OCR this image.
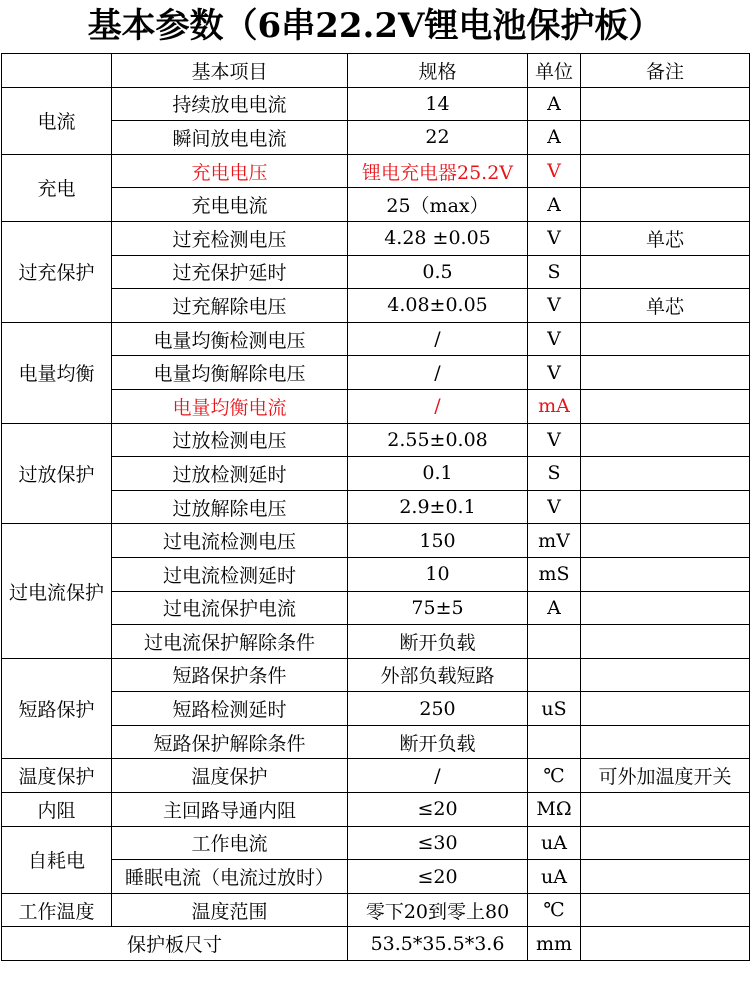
基本参数（6串22.2V锂电池保护板）
	基本项目	规格	单位	备注
电流	持续放电电流	14	A	
	瞬间放电电流	22	A	
充电	充电电压	锂电充电器25.2V	V	
	充电电流	25（max）	A	
过充保护	过充检测电压	4.28 ±0.05	V	单芯
	过充保护延时	0.5	S	
	过充解除电压	4.08±0.05	V	单芯
电量均衡	电量均衡检测电压	/	V	
	电量均衡解除电压	/	V	
	电量均衡电流	/	mA	
过放保护	过放检测电压	2.55±0.08	V	
	过放检测延时	0.1	S	
	过放解除电压	2.9±0.1	V	
过电流保护	过电流检测电压	150	mV	
	过电流检测延时	10	mS	
	过电流保护电流	75±5	A	
	过电流保护解除条件	断开负载		
短路保护	短路保护条件	外部负载短路		
	短路检测延时	250	uS	
	短路保护解除条件	断开负载		
温度保护	温度保护	/	℃	可外加温度开关
内阻	主回路导通内阻	≤20	MΩ	
自耗电	工作电流	≤30	uA	
	睡眠电流（电流过放时）	≤20	uA	
工作温度	温度范围	零下20到零上80	℃	
保护板尺寸		53.5*35.5*3.6	mm	
